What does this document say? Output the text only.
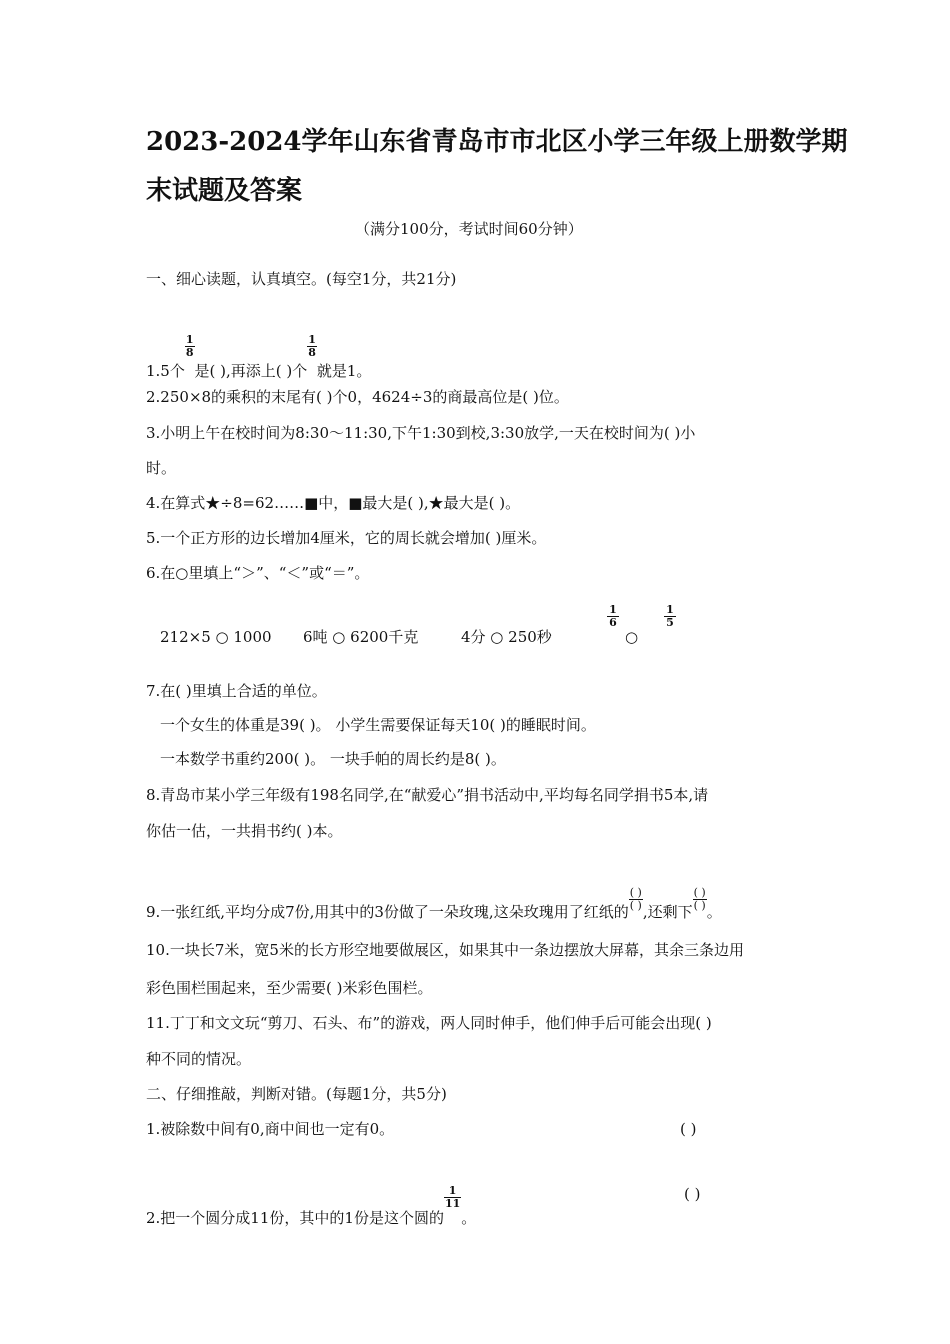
2023-2024学年山东省青岛市市北区小学三年级上册数学期
末试题及答案
（满分100分，考试时间60分钟）
一、细心读题，认真填空。(每空1分，共21分)
1.5个
$\frac{1}{8}$
是( ),再添上( )个
$\frac{1}{8}$
就是1。
2.250×8的乘积的末尾有( )个0，4624÷3的商最高位是( )位。
3.小明上午在校时间为8:30～11:30,下午1:30到校,3:30放学,一天在校时间为( )小
时。
4.在算式★÷8=62……■中，■最大是( ),★最大是( )。
5.一个正方形的边长增加4厘米，它的周长就会增加( )厘米。
6.在○里填上“＞”、“＜”或“＝”。
212×5 ○ 1000 6吨 ○ 6200千克	4分 ○ 250秒
$\frac{1}{6}$
○
$\frac{1}{5}$
7.在( )里填上合适的单位。
一个女生的体重是39( )。 小学生需要保证每天10( )的睡眠时间。
一本数学书重约200( )。 一块手帕的周长约是8( )。
8.青岛市某小学三年级有198名同学,在“献爱心”捐书活动中,平均每名同学捐书5本,请
你估一估，一共捐书约( )本。
9.一张红纸,平均分成7份,用其中的3份做了一朵玫瑰,这朵玫瑰用了红纸的 $\frac{( )}{( )}$ ,还剩下 $\frac{( )}{( )}$ 。
10.一块长7米，宽5米的长方形空地要做展区，如果其中一条边摆放大屏幕，其余三条边用
彩色围栏围起来，至少需要( )米彩色围栏。
11.丁丁和文文玩“剪刀、石头、布”的游戏，两人同时伸手，他们伸手后可能会出现( )
种不同的情况。
二、仔细推敲，判断对错。(每题1分，共5分)
1.被除数中间有0,商中间也一定有0。	( )
2.把一个圆分成11份，其中的1份是这个圆的
$\frac{1}{11}$
。
( )
